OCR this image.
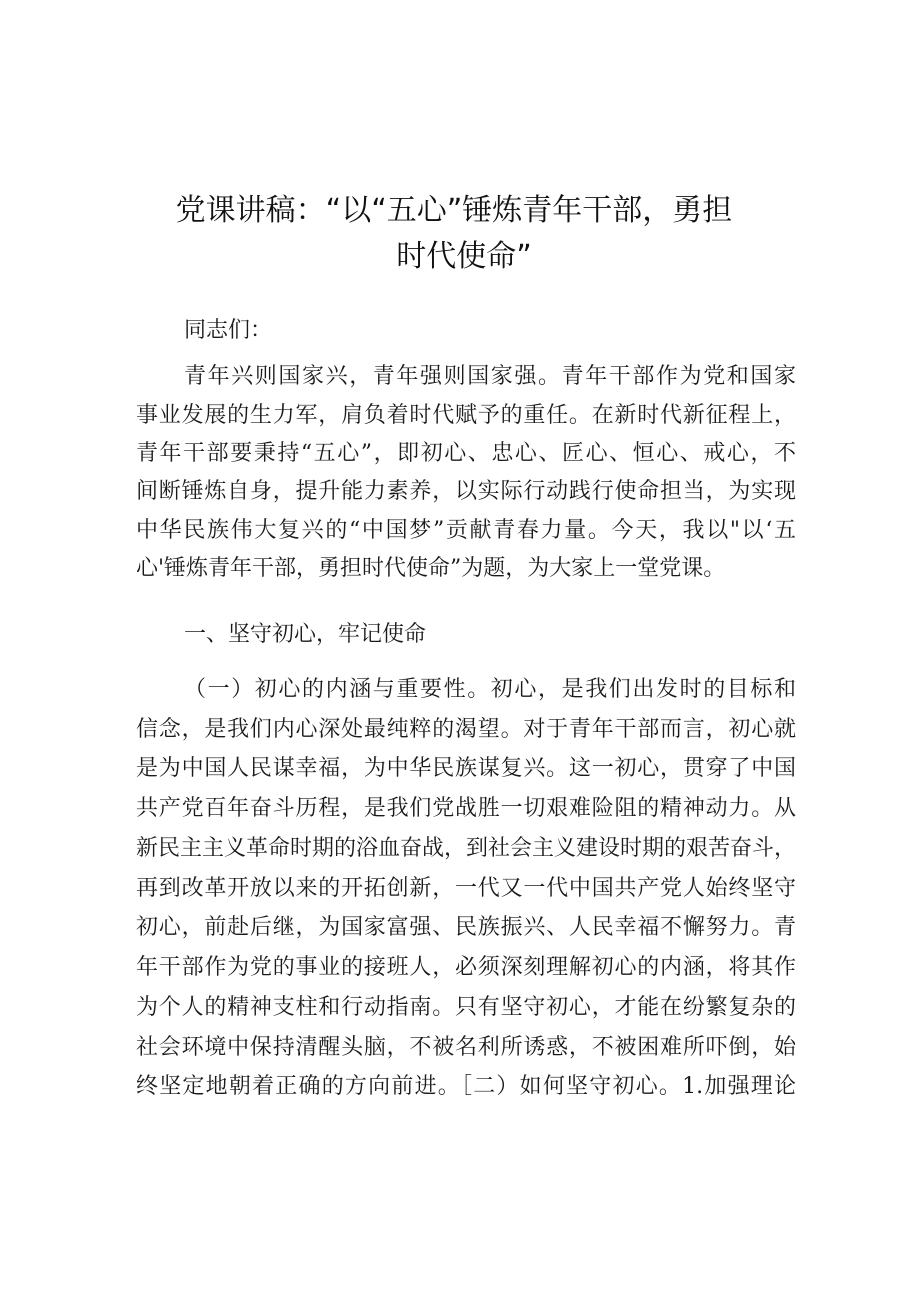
党课讲稿：“以“五心”锤炼青年干部，勇担
时代使命”
同志们：
青年兴则国家兴，青年强则国家强。青年干部作为党和国家
事业发展的生力军，肩负着时代赋予的重任。在新时代新征程上，
青年干部要秉持“五心”，即初心、忠心、匠心、恒心、戒心，不
间断锤炼自身，提升能力素养，以实际行动践行使命担当，为实现
中华民族伟大复兴的“中国梦”贡献青春力量。今天，我以"以‘五
心'锤炼青年干部，勇担时代使命”为题，为大家上一堂党课。
一、坚守初心，牢记使命
（一）初心的内涵与重要性。初心，是我们出发时的目标和
信念，是我们内心深处最纯粹的渴望。对于青年干部而言，初心就
是为中国人民谋幸福，为中华民族谋复兴。这一初心，贯穿了中国
共产党百年奋斗历程，是我们党战胜一切艰难险阻的精神动力。从
新民主主义革命时期的浴血奋战，到社会主义建设时期的艰苦奋斗，
再到改革开放以来的开拓创新，一代又一代中国共产党人始终坚守
初心，前赴后继，为国家富强、民族振兴、人民幸福不懈努力。青
年干部作为党的事业的接班人，必须深刻理解初心的内涵，将其作
为个人的精神支柱和行动指南。只有坚守初心，才能在纷繁复杂的
社会环境中保持清醒头脑，不被名利所诱惑，不被困难所吓倒，始
终坚定地朝着正确的方向前进。［二）如何坚守初心。1.加强理论
